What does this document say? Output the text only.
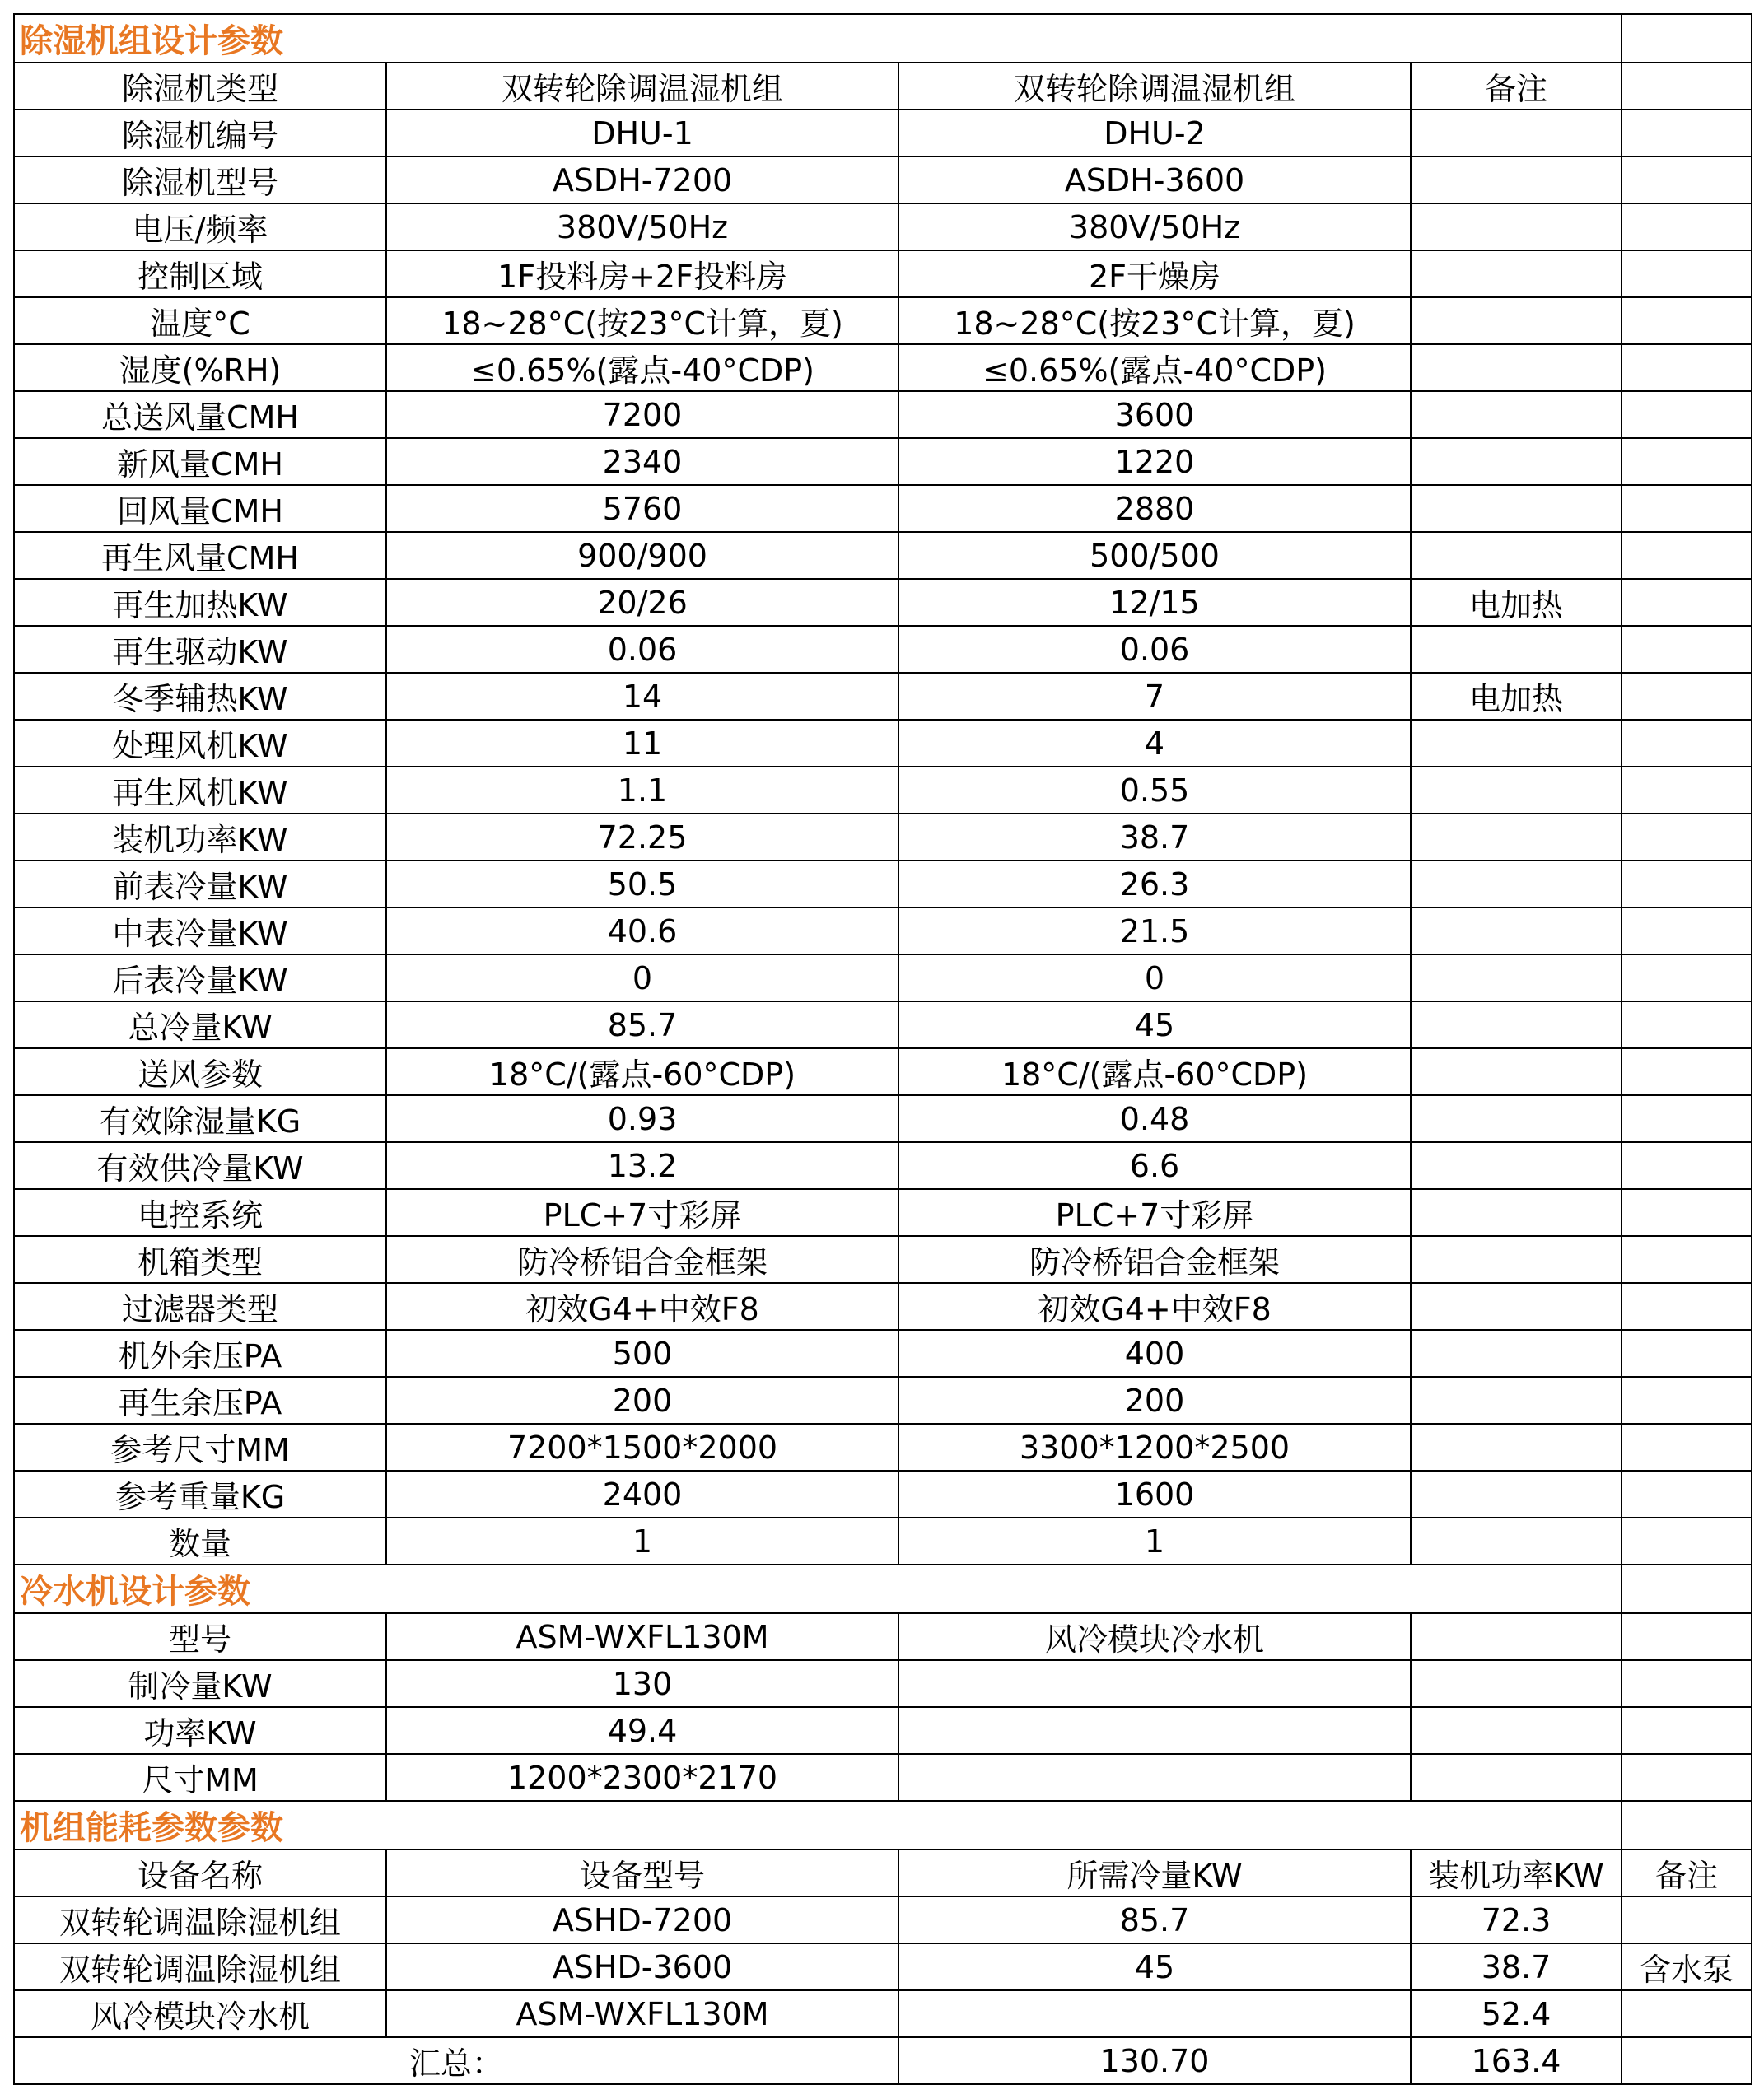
除湿机组设计参数				
除湿机类型	双转轮除调温湿机组	双转轮除调温湿机组	备注	
除湿机编号	DHU-1	DHU-2		
除湿机型号	ASDH-7200	ASDH-3600		
电压/频率	380V/50Hz	380V/50Hz		
控制区域	1F投料房+2F投料房	2F干燥房		
温度°C	18~28°C(按23°C计算，夏)	18~28°C(按23°C计算，夏)		
湿度(%RH)	≤0.65%(露点-40°CDP)	≤0.65%(露点-40°CDP)		
总送风量CMH	7200	3600		
新风量CMH	2340	1220		
回风量CMH	5760	2880		
再生风量CMH	900/900	500/500		
再生加热KW	20/26	12/15	电加热	
再生驱动KW	0.06	0.06		
冬季辅热KW	14	7	电加热	
处理风机KW	11	4		
再生风机KW	1.1	0.55		
装机功率KW	72.25	38.7		
前表冷量KW	50.5	26.3		
中表冷量KW	40.6	21.5		
后表冷量KW	0	0		
总冷量KW	85.7	45		
送风参数	18°C/(露点-60°CDP)	18°C/(露点-60°CDP)		
有效除湿量KG	0.93	0.48		
有效供冷量KW	13.2	6.6		
电控系统	PLC+7寸彩屏	PLC+7寸彩屏		
机箱类型	防冷桥铝合金框架	防冷桥铝合金框架		
过滤器类型	初效G4+中效F8	初效G4+中效F8		
机外余压PA	500	400		
再生余压PA	200	200		
参考尺寸MM	7200*1500*2000	3300*1200*2500		
参考重量KG	2400	1600		
数量	1	1		
冷水机设计参数				
型号	ASM-WXFL130M	风冷模块冷水机		
制冷量KW	130			
功率KW	49.4			
尺寸MM	1200*2300*2170			
机组能耗参数参数				
设备名称	设备型号	所需冷量KW	装机功率KW	备注
双转轮调温除湿机组	ASHD-7200	85.7	72.3	
双转轮调温除湿机组	ASHD-3600	45	38.7	含水泵
风冷模块冷水机	ASM-WXFL130M		52.4	
汇总：		130.70	163.4	
